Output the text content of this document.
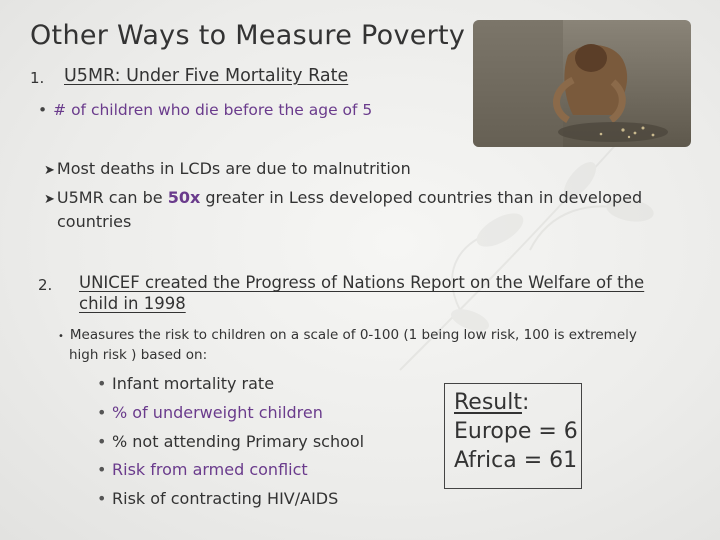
Other Ways to Measure Poverty
1. U5MR: Under Five Mortality Rate
• # of children who die before the age of 5
➤ Most deaths in LCDs are due to malnutrition
➤ U5MR can be 50x greater in Less developed countries than in developed
countries
2. UNICEF created the Progress of Nations Report on the Welfare of the
child in 1998
• Measures the risk to children on a scale of 0-100 (1 being low risk, 100 is extremely
high risk ) based on:
• Infant mortality rate
• % of underweight children
• % not attending Primary school
• Risk from armed conflict
• Risk of contracting HIV/AIDS
Result:
Europe = 6
Africa = 61
